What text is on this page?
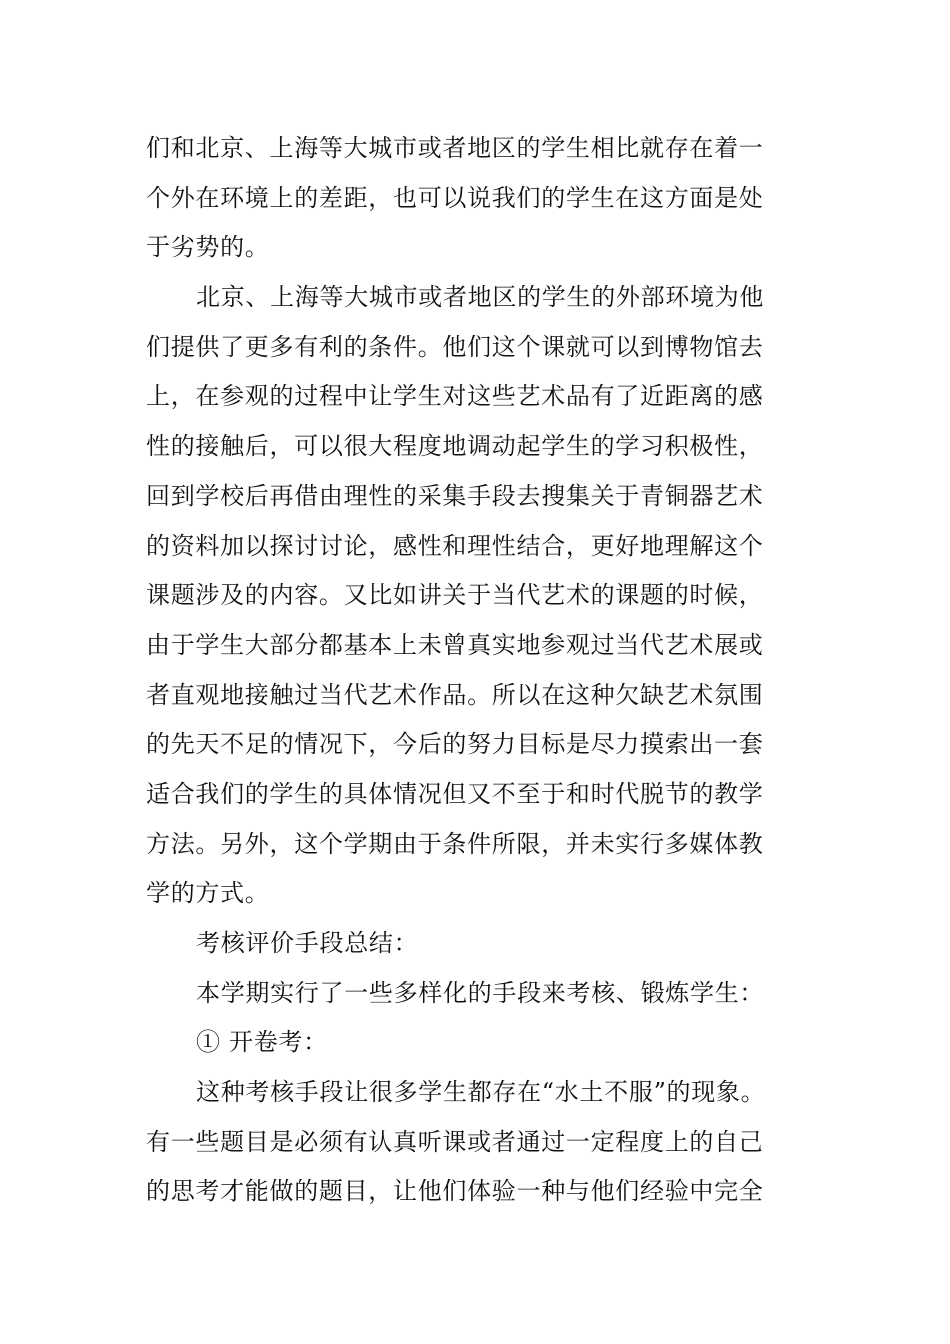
们和北京、上海等大城市或者地区的学生相比就存在着一
个外在环境上的差距，也可以说我们的学生在这方面是处
于劣势的。
北京、上海等大城市或者地区的学生的外部环境为他
们提供了更多有利的条件。他们这个课就可以到博物馆去
上，在参观的过程中让学生对这些艺术品有了近距离的感
性的接触后，可以很大程度地调动起学生的学习积极性，
回到学校后再借由理性的采集手段去搜集关于青铜器艺术
的资料加以探讨讨论，感性和理性结合，更好地理解这个
课题涉及的内容。又比如讲关于当代艺术的课题的时候，
由于学生大部分都基本上未曾真实地参观过当代艺术展或
者直观地接触过当代艺术作品。所以在这种欠缺艺术氛围
的先天不足的情况下，今后的努力目标是尽力摸索出一套
适合我们的学生的具体情况但又不至于和时代脱节的教学
方法。另外，这个学期由于条件所限，并未实行多媒体教
学的方式。
考核评价手段总结：
本学期实行了一些多样化的手段来考核、锻炼学生：
① 开卷考：
这种考核手段让很多学生都存在“水土不服”的现象。
有一些题目是必须有认真听课或者通过一定程度上的自己
的思考才能做的题目，让他们体验一种与他们经验中完全
